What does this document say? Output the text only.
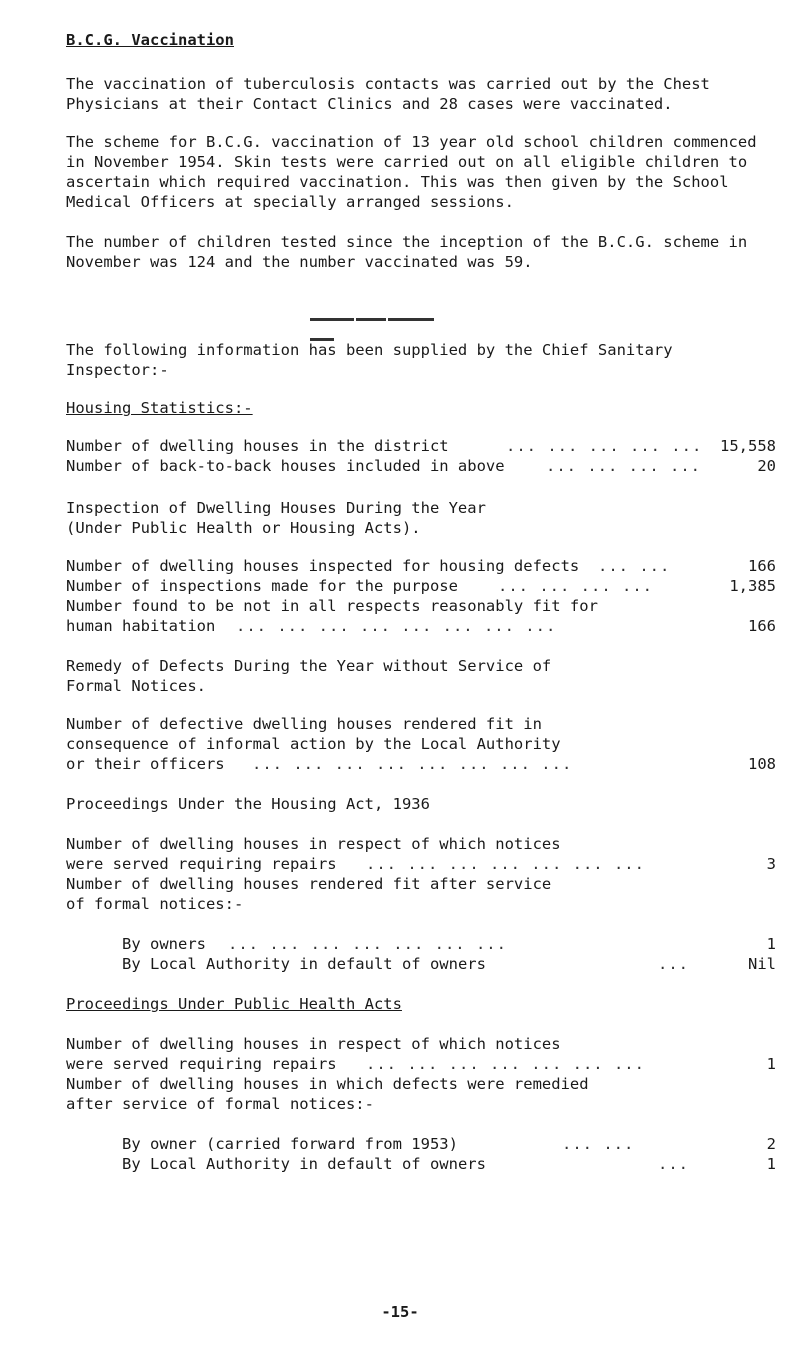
B.C.G. Vaccination

The vaccination of tuberculosis contacts was carried out by the Chest Physicians at their Contact Clinics and 28 cases were vaccinated.

The scheme for B.C.G. vaccination of 13 year old school children commenced in November 1954. Skin tests were carried out on all eligible children to ascertain which required vaccination. This was then given by the School Medical Officers at specially arranged sessions.

The number of children tested since the inception of the B.C.G. scheme in November was 124 and the number vaccinated was 59.

The following information has been supplied by the Chief Sanitary Inspector:-

Housing Statistics:-
... ... ... ... ...
Number of dwelling houses in the district	15,558
... ... ... ...
Number of back-to-back houses included in above	20
Inspection of Dwelling Houses During the Year
(Under Public Health or Housing Acts).
... ...
Number of dwelling houses inspected for housing defects	166
... ... ... ...
Number of inspections made for the purpose	1,385
Number found to be not in all respects reasonably fit for
... ... ... ... ... ... ... ...
human habitation	166
Remedy of Defects During the Year without Service of
Formal Notices.
Number of defective dwelling houses rendered fit in
consequence of informal action by the Local Authority
... ... ... ... ... ... ... ...
or their officers	108
Proceedings Under the Housing Act, 1936
Number of dwelling houses in respect of which notices
... ... ... ... ... ... ...
were served requiring repairs	3
Number of dwelling houses rendered fit after service
of formal notices:-
... ... ... ... ... ... ...
By owners	1
...
By Local Authority in default of owners	Nil
Proceedings Under Public Health Acts
Number of dwelling houses in respect of which notices
... ... ... ... ... ... ...
were served requiring repairs	1
Number of dwelling houses in which defects were remedied
after service of formal notices:-
... ...
By owner (carried forward from 1953)	2
...
By Local Authority in default of owners	1
-15-
